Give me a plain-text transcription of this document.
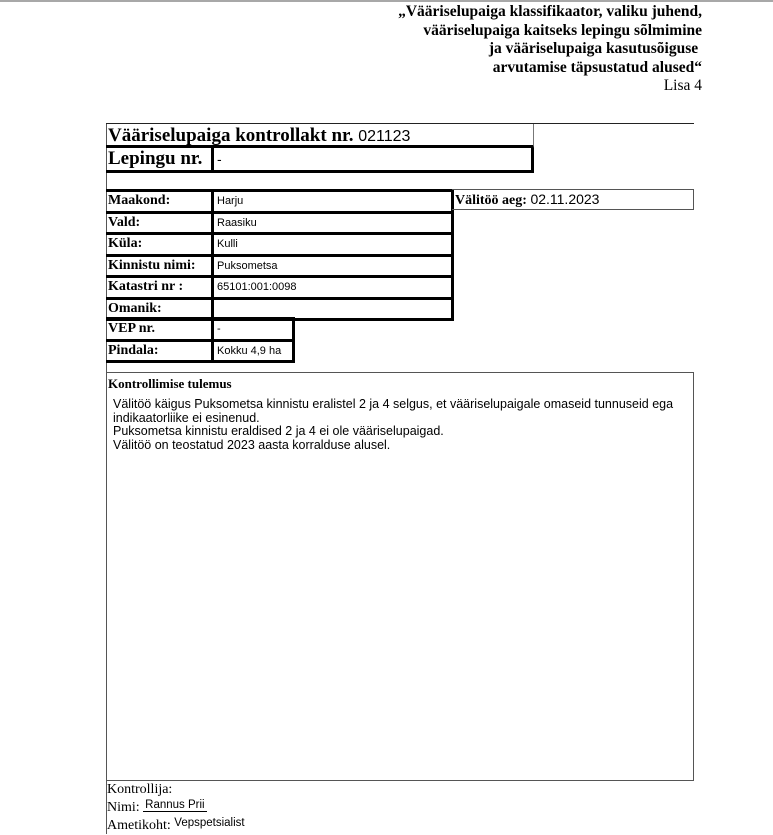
„Vääriselupaiga klassifikaator, valiku juhend,
vääriselupaiga kaitseks lepingu sõlmimine
ja vääriselupaiga kasutusõiguse
arvutamise täpsustatud alused“
Lisa 4
Vääriselupaiga kontrollakt nr. 021123
Lepingu nr.	-
Maakond:	Harju
Vald:	Raasiku
Küla:	Kulli
Kinnistu nimi: Puksometsa
Katastri nr :	65101:001:0098
Omanik:
Välitöö aeg: 02.11.2023
VEP nr.	-
Pindala:	Kokku 4,9 ha
Kontrollimise tulemus

Välitöö käigus Puksometsa kinnistu eralistel 2 ja 4 selgus, et vääriselupaigale omaseid tunnuseid ega indikaatorliike ei esinenud.

Puksometsa kinnistu eraldised 2 ja 4 ei ole vääriselupaigad.

Välitöö on teostatud 2023 aasta korralduse alusel.

Kontrollija:
Nimi: $^{Rannus Prii}$
Ametikoht: $^{Vepspetsialist}$
